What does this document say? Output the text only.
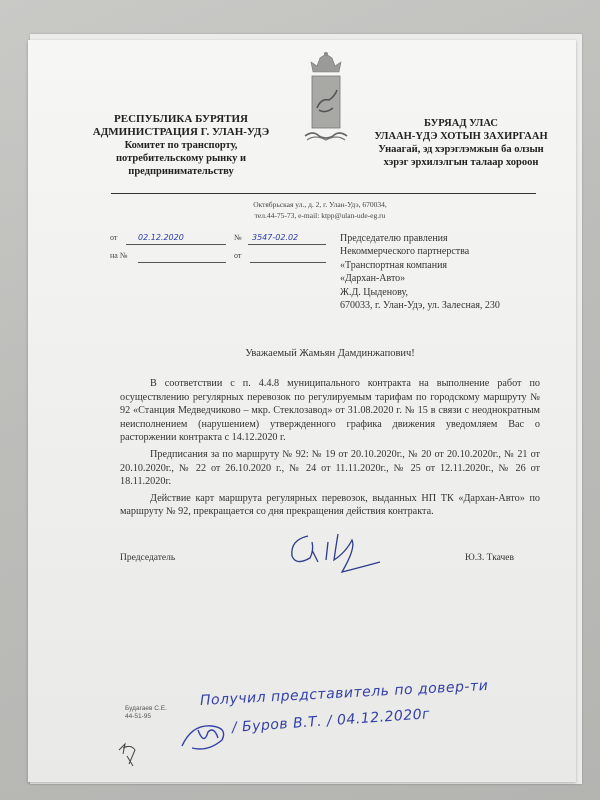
РЕСПУБЛИКА БУРЯТИЯ
АДМИНИСТРАЦИЯ Г. УЛАН-УДЭ
Комитет по транспорту,
потребительскому рынку и
предпринимательству
БУРЯАД УЛАС
УЛААН-ҮДЭ ХОТЫН ЗАХИРГААН
Унаагай, эд хэрэглэмжын ба олзын
хэрэг эрхилэлгын талаар хороон
Октябрьская ул., д. 2, г. Улан-Удэ, 670034,
тел.44-75-73, e-mail: ktpp@ulan-ude-eg.ru
от	02.12.2020	№	3547-02.02
на №	от
Председателю правления
Некоммерческого партнерства
«Транспортная компания
«Дархан-Авто»
Ж.Д. Цыденову,
670033, г. Улан-Удэ, ул. Залесная, 230
Уважаемый Жамьян Дамдинжапович!

В соответствии с п. 4.4.8 муниципального контракта на выполнение работ по осуществлению регулярных перевозок по регулируемым тарифам по городскому маршруту № 92 «Станция Медведчиково – мкр. Стеклозавод» от 31.08.2020 г. № 15 в связи с неоднократным неисполнением (нарушением) утвержденного графика движения уведомляем Вас о расторжении контракта с 14.12.2020 г.

Предписания за по маршруту № 92: № 19 от 20.10.2020г., № 20 от 20.10.2020г., № 21 от 20.10.2020г., № 22 от 26.10.2020 г., № 24 от 11.11.2020г., № 25 от 12.11.2020г., № 26 от 18.11.2020г.

Действие карт маршрута регулярных перевозок, выданных НП ТК «Дархан-Авто» по маршруту № 92, прекращается со дня прекращения действия контракта.

Председатель	Ю.З. Ткачев
Будагаев С.Е.
44-51-95
Получил представитель по довер-ти
/ Буров В.Т. / 04.12.2020г
